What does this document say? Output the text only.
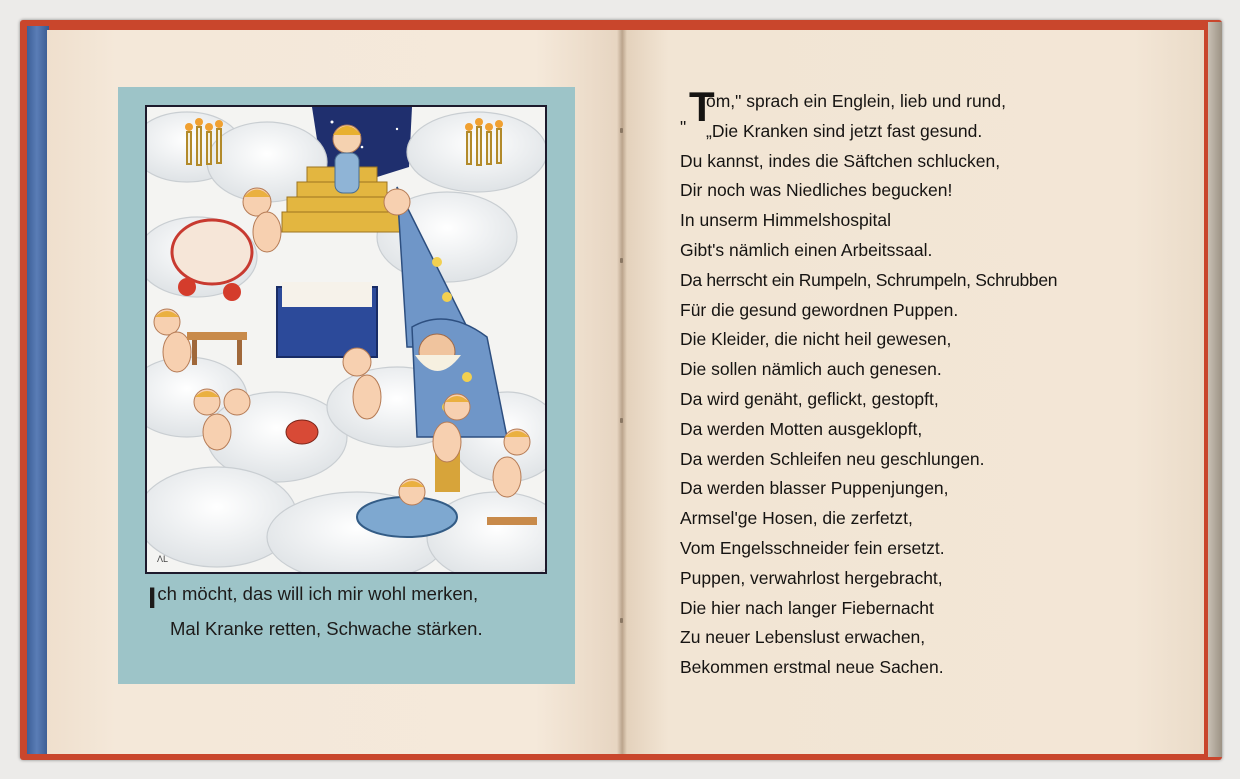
ΛL
Ich möcht, das will ich mir wohl merken,
Mal Kranke retten, Schwache stärken.
T
"
om," sprach ein Englein, lieb und rund,
„Die Kranken sind jetzt fast gesund.
Du kannst, indes die Säftchen schlucken,
Dir noch was Niedliches begucken!
In unserm Himmelshospital
Gibt's nämlich einen Arbeitssaal.
Da herrscht ein Rumpeln, Schrumpeln, Schrubben
Für die gesund gewordnen Puppen.
Die Kleider, die nicht heil gewesen,
Die sollen nämlich auch genesen.
Da wird genäht, geflickt, gestopft,
Da werden Motten ausgeklopft,
Da werden Schleifen neu geschlungen.
Da werden blasser Puppenjungen,
Armsel'ge Hosen, die zerfetzt,
Vom Engelsschneider fein ersetzt.
Puppen, verwahrlost hergebracht,
Die hier nach langer Fiebernacht
Zu neuer Lebenslust erwachen,
Bekommen erstmal neue Sachen.
